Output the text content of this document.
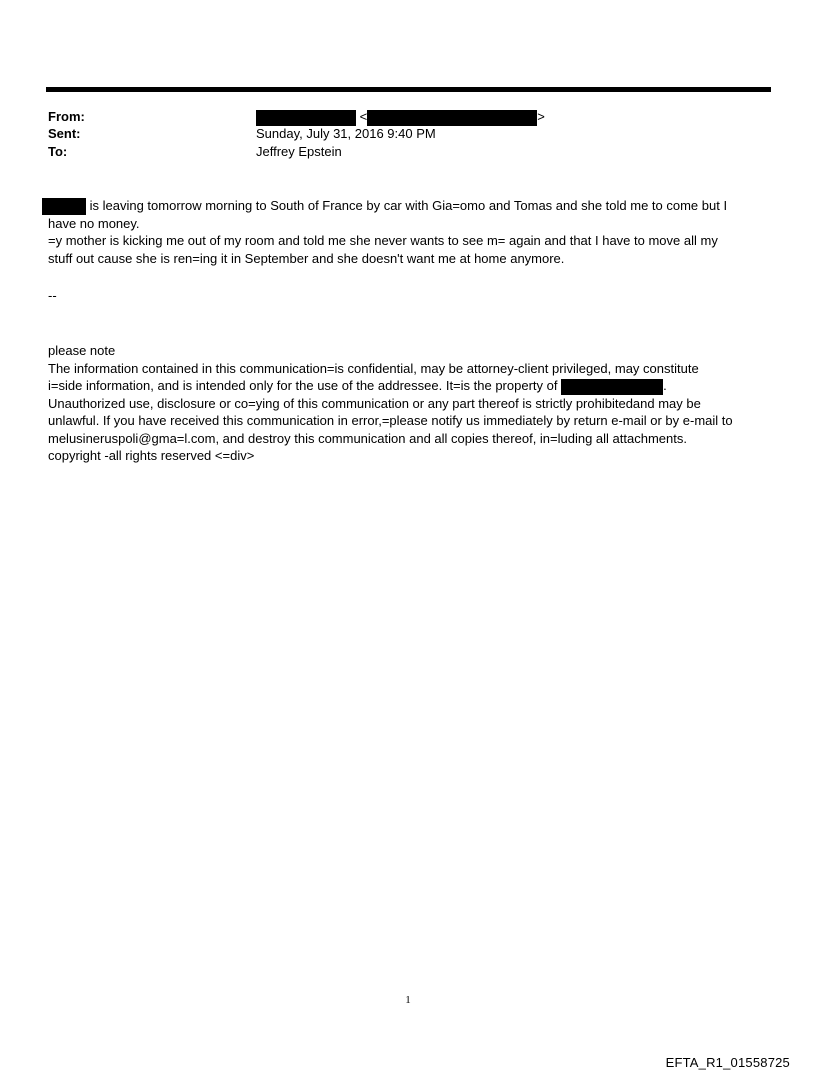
From:	<	>
Sent:	Sunday, July 31, 2016 9:40 PM
To:	Jeffrey Epstein
is leaving tomorrow morning to South of France by car with Gia=omo and Tomas and she told me to come but I
have no money.
=y mother is kicking me out of my room and told me she never wants to see m= again and that I have to move all my
stuff out cause she is ren=ing it in September and she doesn't want me at home anymore.
--
please note
The information contained in this communication=is confidential, may be attorney-client privileged, may constitute
i=side information, and is intended only for the use of the addressee. It=is the property of	.
Unauthorized use, disclosure or co=ying of this communication or any part thereof is strictly prohibitedand may be
unlawful. If you have received this communication in error,=please notify us immediately by return e-mail or by e-mail to
melusineruspoli@gma=l.com, and destroy this communication and all copies thereof, in=luding all attachments.
copyright -all rights reserved <=div>
1
EFTA_R1_01558725
